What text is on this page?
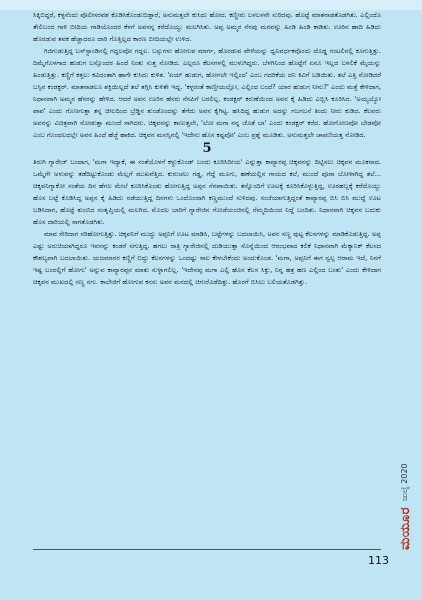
ಸಿಕ್ಕಿಬಿದ್ದರೆ, ಕಳ್ಳನೆಂದು ಪೊಲೀಸರವಶ ಕೊಡಿಸಿಕೊಂಡುಬಿಡ್ತಾರೆ, ಅನುಮತ್ತಲೇ ಕುಸಿದು ಹೋದ. ಕಣ್ಣೀರು ಬಳಬಳನೇ ಸುರಿದವು. ಹೊಟ್ಟೆ ಮಾತನಾಡತೊಡಗಿತು. ಎಲ್ಲಿಂದೊ ತೇಲಿಬಂದ ಗಾಳಿ ಬೀದಿಯ ಗಾಡಿಯೊಂದರ ಕೆಳಗೆ ಅವನನ್ನ ಕರೆದೊಯ್ದು ಮಲಗಿಸಿತು. ಅಪ್ಪ ಅಮ್ಮರ ನೆನಪು ಮನವನ್ನು ಹಿಂಡಿ ಹಿಂಡಿ ಕಾಡಿತು. ಊರಿನ ಹಾದಿ ಹಿಡಿದು ಹೊರಡುವ ತವಕ ಹೆಚ್ಚಾದರೂ ದಾರಿ ಗೊತ್ತಿಲ್ಲದ ಕಾರಣ ಬೀದಿಯಲ್ಲೇ ಉಳಿದ.

ಗಿಜಿಗುಡುತ್ತಿದ್ದ ಬಸ್‌ಸ್ಟಾಂಡಿನಲ್ಲಿ ಗದ್ದಲವೋ ಗದ್ದಲ. ಬಸ್ಸುಗಳು ಹೋಗುವ ಮಾರ್ಗ, ಹೊರಡುವ ವೇಳೆಯನ್ನು ಧ್ವನಿವರ್ಧಕವೊಂದು ದೊಡ್ಡ ಗಂಟಲಿನಲ್ಲಿ ಕೂಗುತ್ತಿತ್ತು. ದಿಮ್ಮೆಗೊಳಗಾದ ಹುಡುಗ ಬಸ್ಸೊಂದರ ಹಿಂದೆ ನಿಂತು ಸುತ್ತ ನೋಡಿದ. ಎಲ್ಲರೂ ಕೆಲಸಗಳಲ್ಲಿ ಮುಳುಗಿದ್ದರು. ಬೆಳಗಿನಿಂದ ಹೊಟ್ಟೆಗೆ ಏನೂ ಇಲ್ಲದ ಬಳಲಿಕೆ ಮೈಯನ್ನು ಹಿಂಡುತ್ತಿತ್ತು. ಕಣ್ಣಿಗೆ ಕತ್ತಲು ಕವಿದಂತಾಗಿ ಹಾಗೇ ಕುಸಿದು ಕುಳಿತ. 'ಏಯ್ ಹುಡುಗ, ಹೋಗಲೇ ಇಲ್ಲಿಂದ' ಎಂಬ ಗದರಿಕೆಯ ದನಿ ಕಿವಿಗೆ ಬಡಿಯಿತು. ತಲೆ ಎತ್ತಿ ನೋಡಿದರೆ ಬಸ್ಸಿನ ಕಂಡಕ್ಟರ್. ಮಾತನಾಡಲೂ ಶಕ್ತಿಯಿಲ್ಲದೆ ತಲೆ ತಗ್ಗಿಸಿ ಕುಳಿತೇ ಇದ್ದ. 'ಕಳ್ಳರಂತೆ ಕಾಣ್ತೀಯಲ್ಲೋ, ಎಲ್ಲಿಂದ ಬಂದೆ? ಯಾರ ಹುಡುಗ ನೀನು?' ಎಂದು ಮತ್ತೆ ಕೇಳಿದಾಗ, ನಿಧಾನವಾಗಿ ಅಮ್ಮನ ಹೆಸರನ್ನು ಹೇಳಿದ. ಆದರೆ ಅವನ ಊರಿನ ಹೆಸರು ನೆನಪಿಗೆ ಬರಲಿಲ್ಲ. ಕಂಡಕ್ಟರ್ ಕರುಣೆಯಿಂದ ಅವನ ಕೈ ಹಿಡಿದು ಎಬ್ಬಿಸಿ ಕೂರಿಸಿದ. 'ಅಯ್ಯಯ್ಯೋ ಪಾಪ' ಎಂದು ಗೊಣಗುತ್ತಾ ತನ್ನ ಚೀಲದಿಂದ ಬ್ರೆಡ್ಡಿನ ತುಂಡೊಂದನ್ನು ತೆಗೆದು ಅವನ ಕೈಗಿಟ್ಟ. ಹಸಿದಿದ್ದ ಹುಡುಗ ಅದನ್ನು ಗಬಗಬನೆ ತಿಂದು ನೀರು ಕುಡಿದ. ಕೆಲವರು ಅವನನ್ನು ವಿಚಿತ್ರವಾಗಿ ನೋಡುತ್ತಾ ಮುಂದೆ ಸಾಗಿದರು. ಚಿಕ್ಕವನನ್ನು ಕಾಣುತ್ತಲೇ, 'ಲೋ ಮಗಾ ನನ್ನ ಜೊತೆ ಬಾ' ಎಂದು ಕಂಡಕ್ಟರ್ ಕರೆದ. ಹೋಗೋಣವೋ ಬೇಡವೋ ಎಂಬ ಗೊಂದಲದಲ್ಲೇ ಅವನ ಹಿಂದೆ ಹೆಜ್ಜೆ ಹಾಕಿದ. ಚಿಕ್ಕವನ ಮನಸ್ಸಿನಲ್ಲಿ 'ಇದೇನು ಹೊಸ ಕಷ್ಟವೋ' ಎಂಬ ಪ್ರಶ್ನೆ ಮೂಡಿತು. ಅನುಮತ್ತಲೇ ಚಾವಣಿಯತ್ತ ನೋಡಿದ.

5

ತಿರುಗಿ ಗ್ಯಾರೇಜ್ ಬಂದಾಗ, 'ಮಗಾ ಇದ್ಯಾಕೆ, ಈ ಸಂತೆಯೊಳಗೆ ಕಳ್ದುಕೊಂಡ್ ಬಂದು ಕೂರಿಸಿದೀಯ' ಎನ್ನುತ್ತಾ ಕಾವ್ಯಾರಪ್ಪ ಚಿಕ್ಕವನನ್ನು ದಿಟ್ಟಿಸಲು ಚಿಕ್ಕವನ ಮೂಕನಾದ. ಒಮ್ಮೆಗೇ ಅಳುವನ್ನು ತಡೆದಿಟ್ಟುಕೊಂಡು ಮೆಲ್ಲಗೆ ಮುಖವೆತ್ತಿದ. ಕುರುಚಲು ಗಡ್ಡ, ಗೆದ್ದೆ ಮೂಗು, ಹಣೆಯಲ್ಲಿನ ಗಾಯದ ಕಲೆ, ಮುಂದೆ ಪೂರಾ ಬೋಳಾಗಿದ್ದ ತಲೆ... ಚಿಕ್ಕವನಿಗ್ಯಾಕೋ ಸಂತೆಯ ದಿನ ಹೆಗಲ ಮೇಲೆ ಕೂರಿಸಿಕೊಂಡು ಹೋಗುತ್ತಿದ್ದ ಅಪ್ಪನ ನೆನಪಾಯಿತು. ತನ್ನೊಂದಿಗೆ ಊಟಕ್ಕೆ ಕೂರಿಸಿಕೊಳ್ಳುತ್ತಿದ್ದ, ಊರಹಬ್ಬಕ್ಕೆ ಕರೆದೊಯ್ದು ಹೊಸ ಬಟ್ಟೆ ಕೊಡಿಸಿದ್ದ ಅಪ್ಪನ ಕೈ ಹಿಡಿದು ನಡೆಯುತ್ತಿದ್ದ ದಿನಗಳು ಒಂದೊಂದಾಗಿ ಕಣ್ಣಮುಂದೆ ಸುಳಿದವು. ಸಂಜೆಯಾಗುತ್ತಿದ್ದಂತೆ ಕಾವ್ಯಾರಪ್ಪ ಬಿಸಿ ಬಿಸಿ ಮುದ್ದೆ ಊಟ ಬಡಿಸಿದಾಗ, ಹೊಟ್ಟೆ ತುಂಬಿದ ಸಂತೃಪ್ತಿಯಲ್ಲಿ ಮಲಗಿದ. ಮೊದಲ ಬಾರಿಗೆ ಗ್ಯಾರೇಜಿನ ಗೋಡೆಯಂಚಿನಲ್ಲಿ ನೆಮ್ಮದಿಯಿಂದ ನಿದ್ದೆ ಬಂದಿತು. ನಿಧಾನವಾಗಿ ಚಿಕ್ಕವನ ಬದುಕು ಹೊಸ ದಾರಿಯಲ್ಲಿ ಸಾಗತೊಡಗಿತು.

ಮಾವ ಸೇರಿದಾಗ ಸರಿಹೋಗುತ್ತಿತ್ತು. ಚಿಕ್ಕವನಿಗೆ ಮುದ್ದು ಅಪ್ಪನಿಗೆ ಊಟ ಮಾಡಿಸಿ, ಬಟ್ಟೆಗಳನ್ನು ಬದಲಾಯಿಸಿ, ಅವನ ಸಣ್ಣ ಪುಟ್ಟ ಕೆಲಸಗಳನ್ನು ಮಾಡಿಕೊಡುತ್ತಿದ್ದ. ಅಪ್ಪ ಎಷ್ಟು ಅರುಚಿಯಾಗಿದ್ದರೂ ಇವನನ್ನು ಕಂಡರೆ ನಗುತ್ತಿದ್ದ. ಹಗಲು ರಾತ್ರಿ ಗ್ಯಾರೇಜಿನಲ್ಲಿ ದುಡಿಯುತ್ತಾ ಸೊನ್ನೆಯಿಂದ ಆರಂಭವಾದ ಕಲಿಕೆ ನಿಧಾನವಾಗಿ ಮೆಕ್ಯಾನಿಕ್ ಕೆಲಸದ ಕೌಶಲ್ಯವಾಗಿ ಬದಲಾಯಿತು. ಯಜಮಾನರ ಕಣ್ಣಿಗೆ ಬಿದ್ದು ಕೆಲಸಗಳನ್ನು ಒಂದಷ್ಟು ಸಾಲ ಕೇಳಬೇಕೆಂದು ಅಂದುಕೊಂಡ. 'ಮಗಾ, ಅಪ್ಪನಿಗೆ ಈಗ ಸ್ವಲ್ಪ ಆರಾಮ ಇದೆ, ನಿನಗೆ ಇಷ್ಟ ಬಂದಲ್ಲಿಗೆ ಹೋಗು' ಅನ್ನುವ ಕಾವ್ಯಾರಪ್ಪನ ಮಾತು ಸುಳ್ಳಾಗಲಿಲ್ಲ. 'ಇದೇನಪ್ಪ ಮಗಾ ಎಲ್ಲಿ ಹೊಸ ಕೆಲಸ ಸಿಕ್ತು, ನಿನ್ನ ಹತ್ರ ಹಣ ಎಲ್ಲಿಂದ ಬಂತು' ಎಂದು ಕೇಳಿದಾಗ ಚಿಕ್ಕವನ ಮುಖದಲ್ಲಿ ಸಣ್ಣ ನಗು. ಕಾಲೇಜಿಗೆ ಹೋಗುವ ಕನಸು ಅವನ ಮನದಲ್ಲಿ ಚಿಗುರೊಡೆದಿತ್ತು. ಹೊರಗೆ ಬಿಸಿಲು ಬಲಿಯತೊಡಗಿತ್ತು.

ಮಯೂರ
ಜುಲೈ 2020
113
